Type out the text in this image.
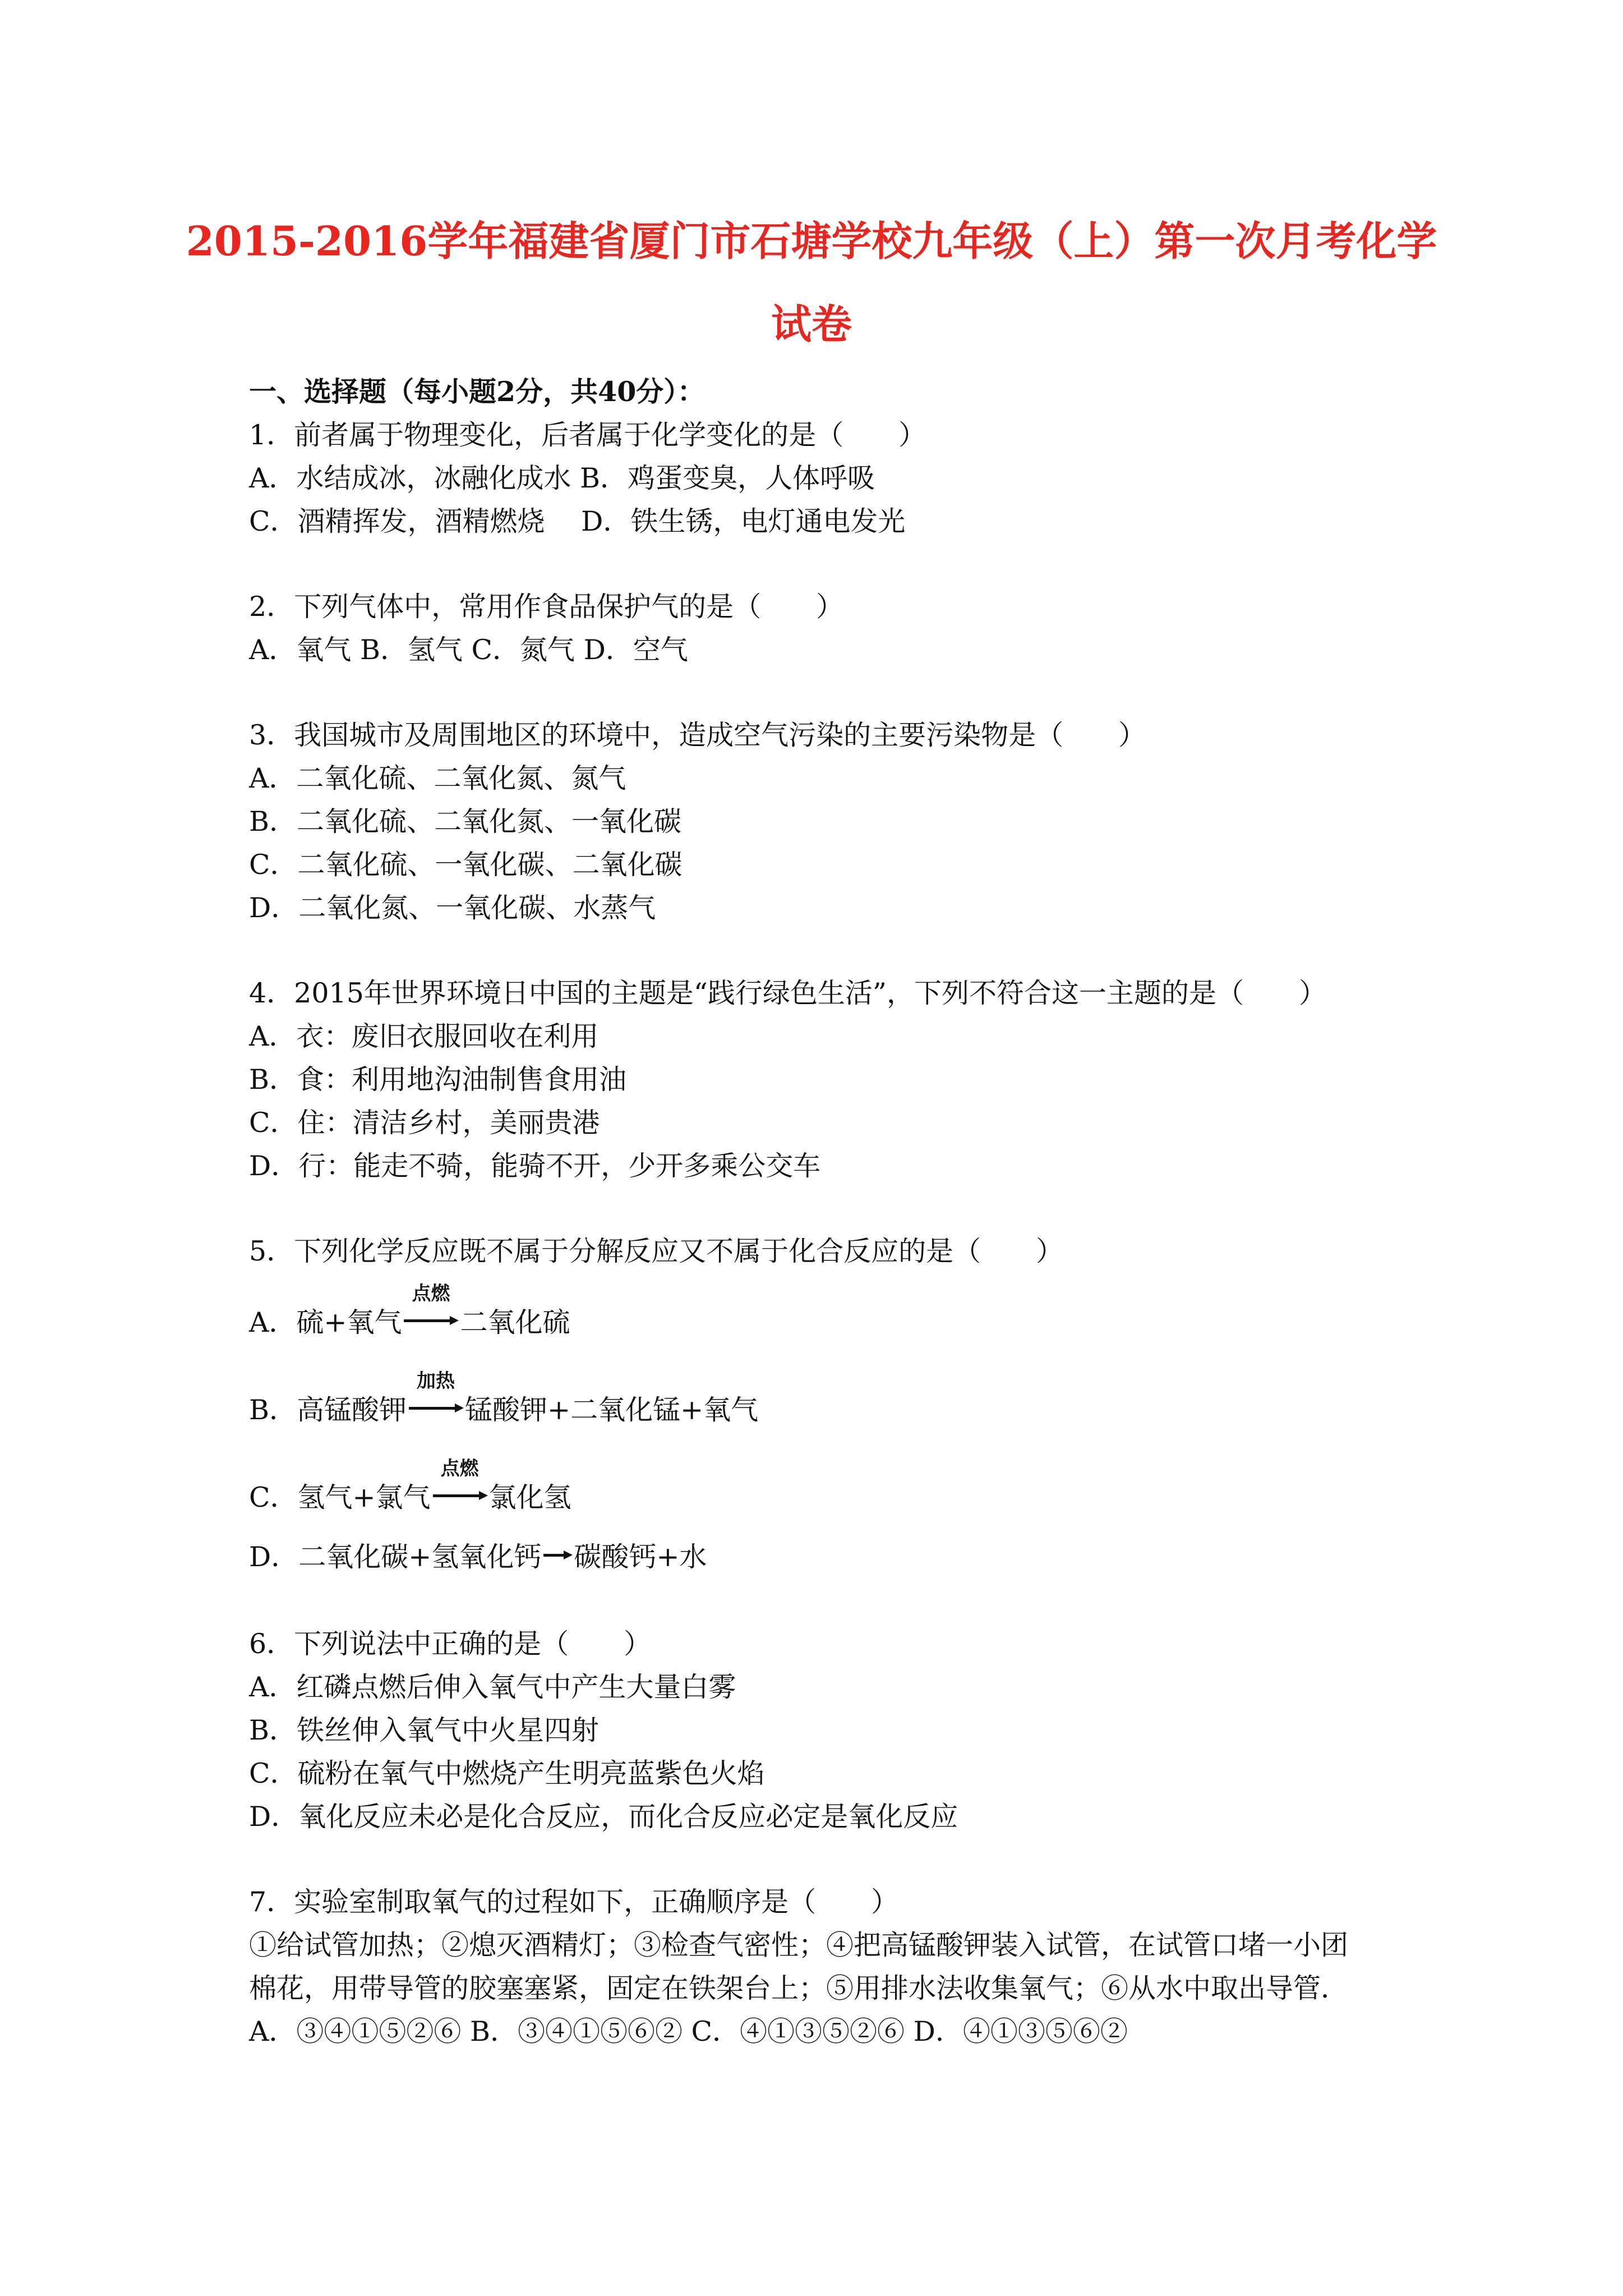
2015-2016学年福建省厦门市石塘学校九年级（上）第一次月考化学
试卷
一、选择题（每小题2分，共40分）：
1．前者属于物理变化，后者属于化学变化的是（　　）
A．水结成冰，冰融化成水 B．鸡蛋变臭，人体呼吸
C．酒精挥发，酒精燃烧　 D．铁生锈，电灯通电发光
2．下列气体中，常用作食品保护气的是（　　）
A．氧气 B．氢气 C．氮气 D．空气
3．我国城市及周围地区的环境中，造成空气污染的主要污染物是（　　）
A．二氧化硫、二氧化氮、氮气
B．二氧化硫、二氧化氮、一氧化碳
C．二氧化硫、一氧化碳、二氧化碳
D．二氧化氮、一氧化碳、水蒸气
4．2015年世界环境日中国的主题是“践行绿色生活”，下列不符合这一主题的是（　　）
A．衣：废旧衣服回收在利用
B．食：利用地沟油制售食用油
C．住：清洁乡村，美丽贵港
D．行：能走不骑，能骑不开，少开多乘公交车
5．下列化学反应既不属于分解反应又不属于化合反应的是（　　）
A．硫+氧气
点燃
二氧化硫
B．高锰酸钾
加热
锰酸钾+二氧化锰+氧气
C．氢气+氯气
点燃
氯化氢
D．二氧化碳+氢氧化钙 碳酸钙+水
6．下列说法中正确的是（　　）
A．红磷点燃后伸入氧气中产生大量白雾
B．铁丝伸入氧气中火星四射
C．硫粉在氧气中燃烧产生明亮蓝紫色火焰
D．氧化反应未必是化合反应，而化合反应必定是氧化反应
7．实验室制取氧气的过程如下，正确顺序是（　　）
①给试管加热；②熄灭酒精灯；③检查气密性；④把高锰酸钾装入试管，在试管口堵一小团
棉花，用带导管的胶塞塞紧，固定在铁架台上；⑤用排水法收集氧气；⑥从水中取出导管．
A．③④①⑤②⑥ B．③④①⑤⑥② C．④①③⑤②⑥ D．④①③⑤⑥②
